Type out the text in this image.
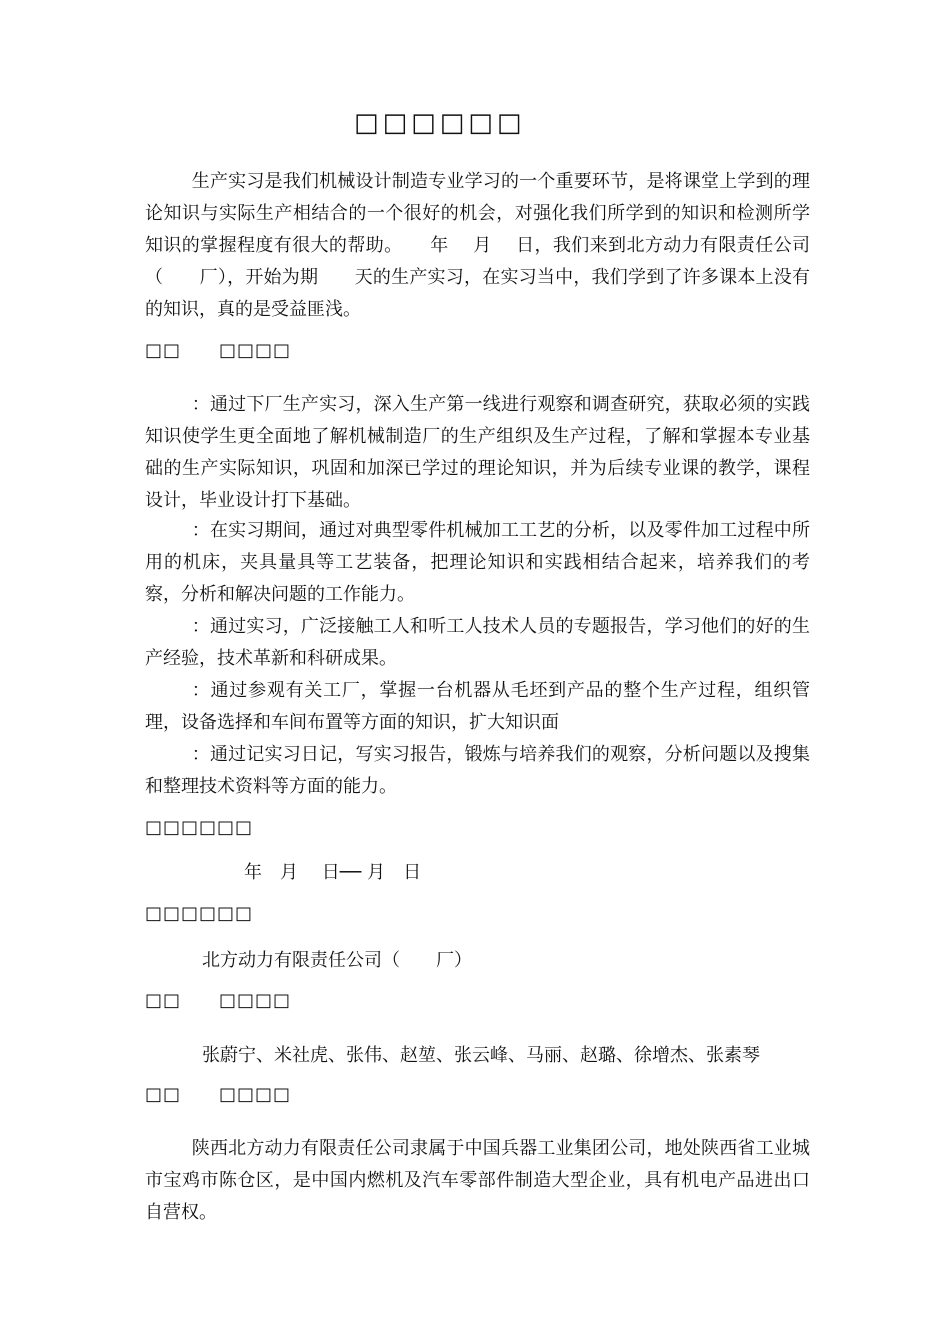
□□□□□□
生产实习是我们机械设计制造专业学习的一个重要环节，是将课堂上学到的理论知识与实际生产相结合的一个很好的机会，对强化我们所学到的知识和检测所学知识的掌握程度有很大的帮助。　　年　 月　 日，我们来到北方动力有限责任公司（　　厂），开始为期　　天的生产实习，在实习当中，我们学到了许多课本上没有的知识，真的是受益匪浅。
□□　　□□□□
：通过下厂生产实习，深入生产第一线进行观察和调查研究，获取必须的实践知识使学生更全面地了解机械制造厂的生产组织及生产过程，了解和掌握本专业基础的生产实际知识，巩固和加深已学过的理论知识，并为后续专业课的教学，课程设计，毕业设计打下基础。
：在实习期间，通过对典型零件机械加工工艺的分析，以及零件加工过程中所用的机床，夹具量具等工艺装备，把理论知识和实践相结合起来，培养我们的考察，分析和解决问题的工作能力。
：通过实习，广泛接触工人和听工人技术人员的专题报告，学习他们的好的生产经验，技术革新和科研成果。
：通过参观有关工厂，掌握一台机器从毛坯到产品的整个生产过程，组织管理，设备选择和车间布置等方面的知识，扩大知识面
：通过记实习日记，写实习报告，锻炼与培养我们的观察，分析问题以及搜集和整理技术资料等方面的能力。
□□□□□□
年　月　 日── 月　日
□□□□□□
北方动力有限责任公司（　　厂）
□□　　□□□□
张蔚宁、米社虎、张伟、赵堃、张云峰、马丽、赵璐、徐增杰、张素琴
□□　　□□□□
陕西北方动力有限责任公司隶属于中国兵器工业集团公司，地处陕西省工业城市宝鸡市陈仓区，是中国内燃机及汽车零部件制造大型企业，具有机电产品进出口自营权。
